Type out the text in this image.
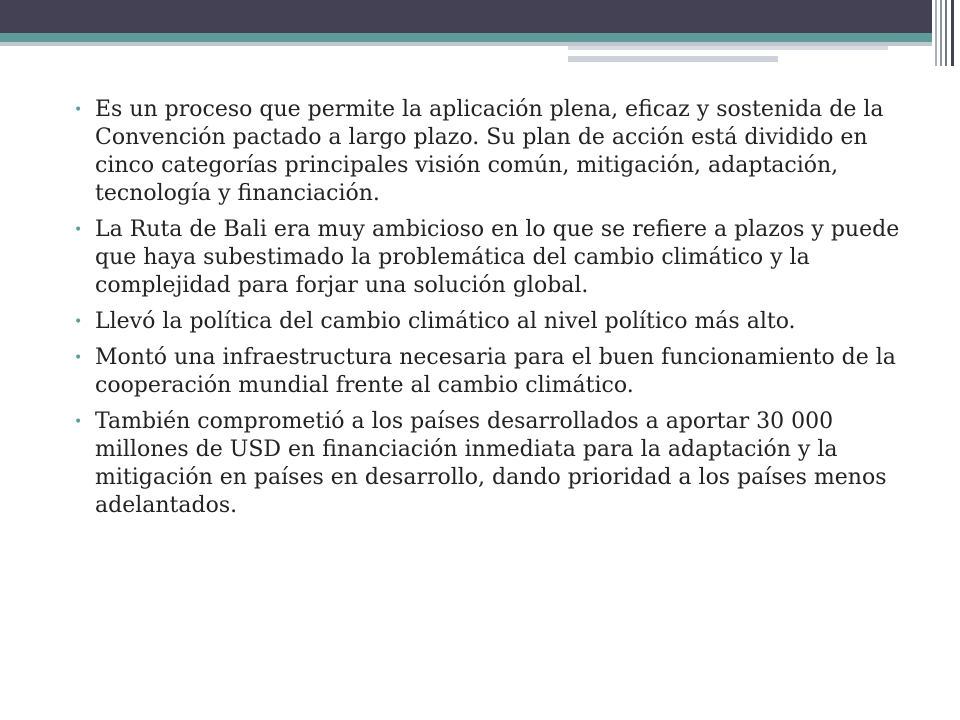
• Es un proceso que permite la aplicación plena, eficaz y sostenida de la Convención pactado a largo plazo. Su plan de acción está dividido en cinco categorías principales visión común, mitigación, adaptación, tecnología y financiación.
• La Ruta de Bali era muy ambicioso en lo que se refiere a plazos y puede que haya subestimado la problemática del cambio climático y la complejidad para forjar una solución global.
• Llevó la política del cambio climático al nivel político más alto.
• Montó una infraestructura necesaria para el buen funcionamiento de la cooperación mundial frente al cambio climático.
• También comprometió a los países desarrollados a aportar 30 000 millones de USD en financiación inmediata para la adaptación y la mitigación en países en desarrollo, dando prioridad a los países menos adelantados.
